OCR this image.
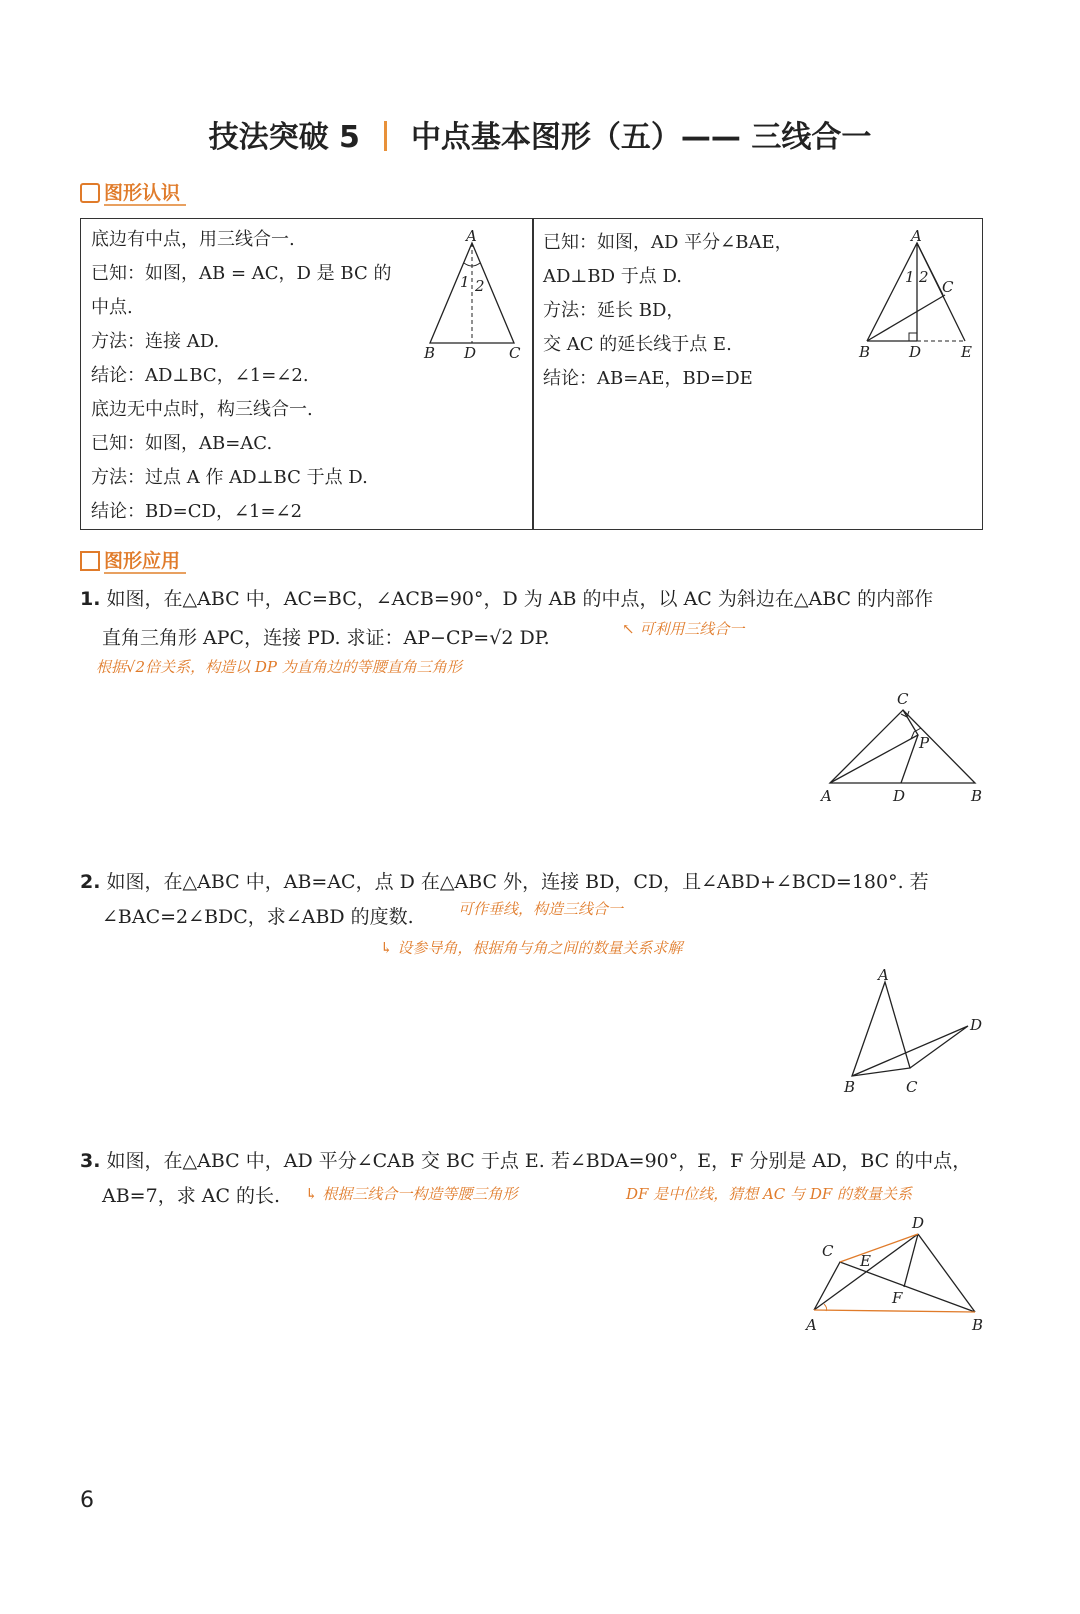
技法突破 5 中点基本图形（五）—— 三线合一
图形认识
底边有中点，用三线合一.
已知：如图，AB = AC，D 是 BC 的
中点.
方法：连接 AD.
结论：AD⊥BC，∠1=∠2.
底边无中点时，构三线合一.
已知：如图，AB=AC.
方法：过点 A 作 AD⊥BC 于点 D.
结论：BD=CD，∠1=∠2
已知：如图，AD 平分∠BAE，
AD⊥BD 于点 D.
方法：延长 BD，
交 AC 的延长线于点 E.
结论：AB=AE，BD=DE
A
B	C
D
1 2
A
B
C
D	E
1 2
图形应用
1. 如图，在△ABC 中，AC=BC，∠ACB=90°，D 为 AB 的中点，以 AC 为斜边在△ABC 的内部作
直角三角形 APC，连接 PD. 求证：AP−CP=√2 DP.	↖ 可利用三线合一
根据√2倍关系，构造以 DP 为直角边的等腰直角三角形
C
P
A	D	B
2. 如图，在△ABC 中，AB=AC，点 D 在△ABC 外，连接 BD，CD，且∠ABD+∠BCD=180°. 若
∠BAC=2∠BDC，求∠ABD 的度数.	可作垂线，构造三线合一
↳ 设参导角，根据角与角之间的数量关系求解
A
B	C
D
3. 如图，在△ABC 中，AD 平分∠CAB 交 BC 于点 E. 若∠BDA=90°，E，F 分别是 AD，BC 的中点，
AB=7，求 AC 的长. ↳ 根据三线合一构造等腰三角形	DF 是中位线，猜想 AC 与 DF 的数量关系
D
C
E
F
A	B
6
